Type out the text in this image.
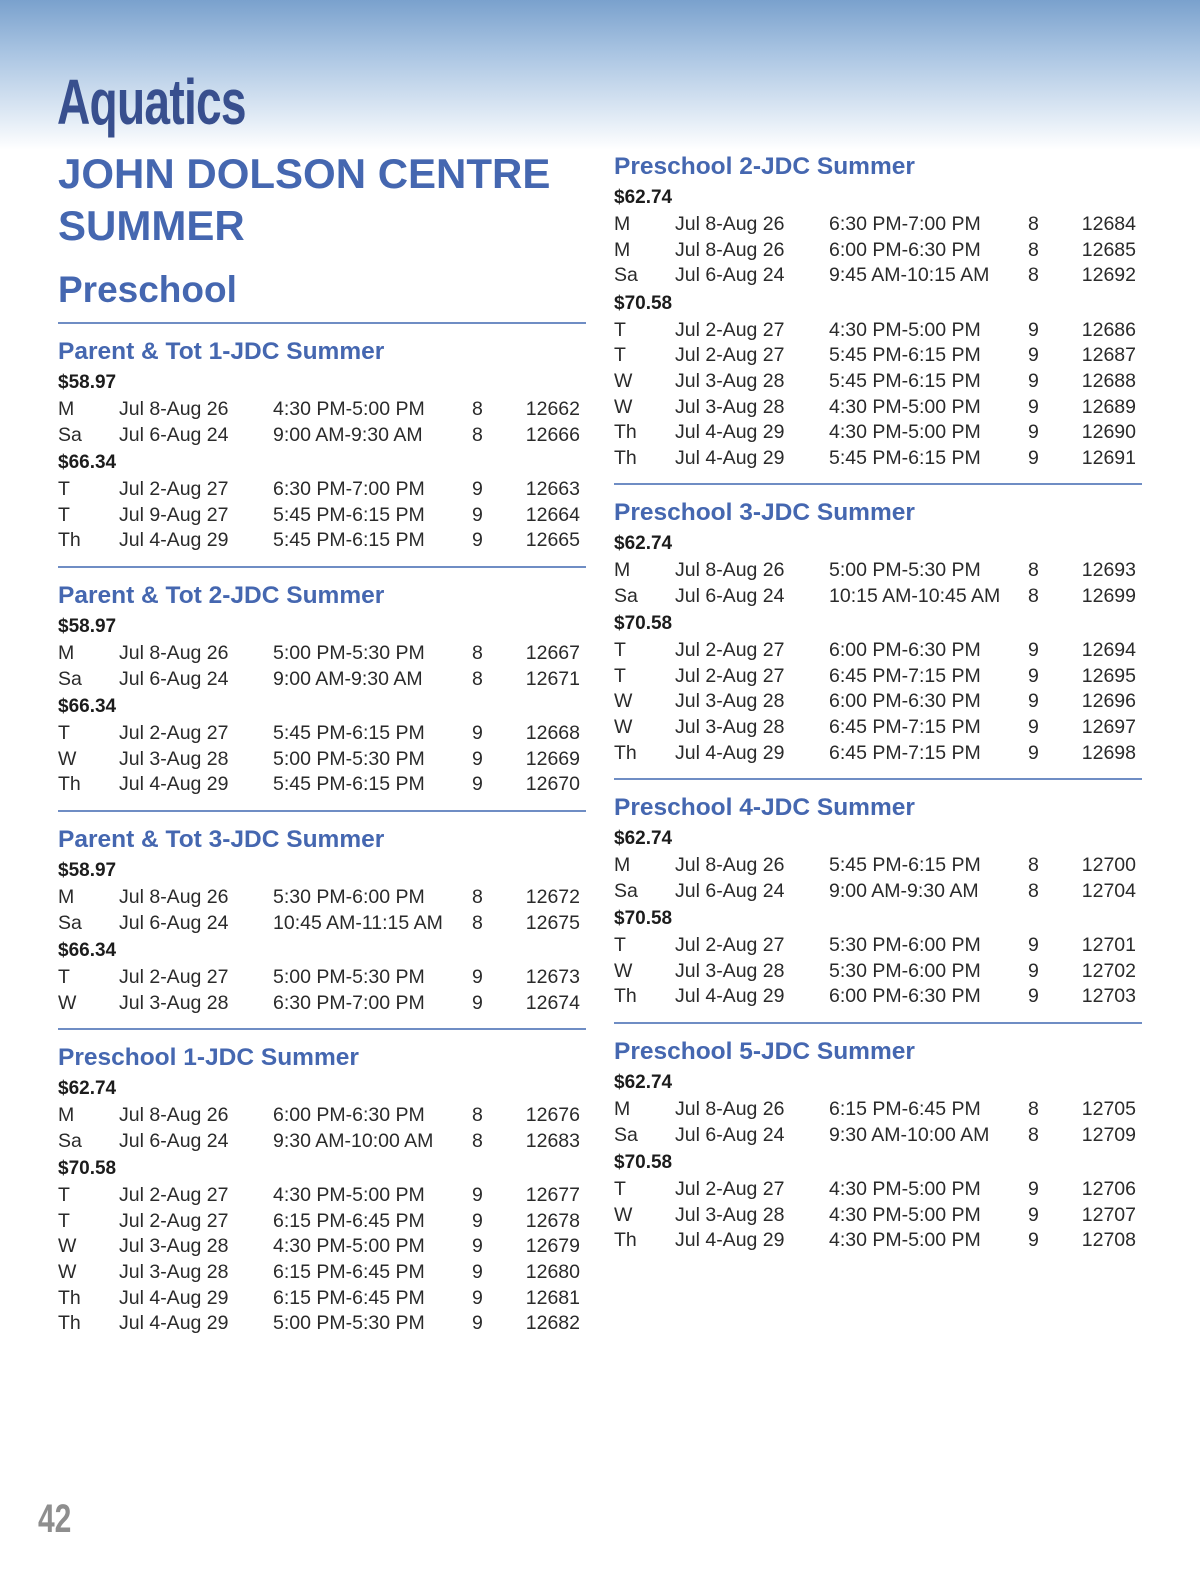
Aquatics
JOHN DOLSON CENTRE SUMMER
Preschool
Parent & Tot 1-JDC Summer
$58.97
M Jul 8-Aug 26 4:30 PM-5:00 PM 8 12662
Sa Jul 6-Aug 24 9:00 AM-9:30 AM	8 12666
$66.34
T	Jul 2-Aug 27 6:30 PM-7:00 PM 9 12663
T	Jul 9-Aug 27 5:45 PM-6:15 PM 9 12664
Th Jul 4-Aug 29 5:45 PM-6:15 PM 9 12665
Parent & Tot 2-JDC Summer
$58.97
M Jul 8-Aug 26 5:00 PM-5:30 PM 8 12667
Sa Jul 6-Aug 24 9:00 AM-9:30 AM	8 12671
$66.34
T	Jul 2-Aug 27 5:45 PM-6:15 PM 9 12668
W Jul 3-Aug 28 5:00 PM-5:30 PM 9 12669
Th Jul 4-Aug 29 5:45 PM-6:15 PM 9 12670
Parent & Tot 3-JDC Summer
$58.97
M Jul 8-Aug 26 5:30 PM-6:00 PM 8 12672
Sa Jul 6-Aug 24 10:45 AM-11:15 AM 8 12675
$66.34
T	Jul 2-Aug 27 5:00 PM-5:30 PM 9 12673
W Jul 3-Aug 28 6:30 PM-7:00 PM 9 12674
Preschool 1-JDC Summer
$62.74
M Jul 8-Aug 26 6:00 PM-6:30 PM 8 12676
Sa Jul 6-Aug 24 9:30 AM-10:00 AM 8 12683
$70.58
T	Jul 2-Aug 27 4:30 PM-5:00 PM 9 12677
T	Jul 2-Aug 27 6:15 PM-6:45 PM 9 12678
W Jul 3-Aug 28 4:30 PM-5:00 PM 9 12679
W Jul 3-Aug 28 6:15 PM-6:45 PM 9 12680
Th Jul 4-Aug 29 6:15 PM-6:45 PM 9 12681
Th Jul 4-Aug 29 5:00 PM-5:30 PM 9 12682
Preschool 2-JDC Summer
$62.74
M Jul 8-Aug 26 6:30 PM-7:00 PM 8 12684
M Jul 8-Aug 26 6:00 PM-6:30 PM 8 12685
Sa Jul 6-Aug 24 9:45 AM-10:15 AM 8 12692
$70.58
T	Jul 2-Aug 27 4:30 PM-5:00 PM 9 12686
T	Jul 2-Aug 27 5:45 PM-6:15 PM 9 12687
W Jul 3-Aug 28 5:45 PM-6:15 PM 9 12688
W Jul 3-Aug 28 4:30 PM-5:00 PM 9 12689
Th Jul 4-Aug 29 4:30 PM-5:00 PM 9 12690
Th Jul 4-Aug 29 5:45 PM-6:15 PM 9 12691
Preschool 3-JDC Summer
$62.74
M Jul 8-Aug 26 5:00 PM-5:30 PM 8 12693
Sa Jul 6-Aug 24 10:15 AM-10:45 AM 8 12699
$70.58
T	Jul 2-Aug 27 6:00 PM-6:30 PM 9 12694
T	Jul 2-Aug 27 6:45 PM-7:15 PM 9 12695
W Jul 3-Aug 28 6:00 PM-6:30 PM 9 12696
W Jul 3-Aug 28 6:45 PM-7:15 PM 9 12697
Th Jul 4-Aug 29 6:45 PM-7:15 PM 9 12698
Preschool 4-JDC Summer
$62.74
M Jul 8-Aug 26 5:45 PM-6:15 PM 8 12700
Sa Jul 6-Aug 24 9:00 AM-9:30 AM	8 12704
$70.58
T	Jul 2-Aug 27 5:30 PM-6:00 PM 9 12701
W Jul 3-Aug 28 5:30 PM-6:00 PM 9 12702
Th Jul 4-Aug 29 6:00 PM-6:30 PM 9 12703
Preschool 5-JDC Summer
$62.74
M Jul 8-Aug 26 6:15 PM-6:45 PM 8 12705
Sa Jul 6-Aug 24 9:30 AM-10:00 AM 8 12709
$70.58
T	Jul 2-Aug 27 4:30 PM-5:00 PM 9 12706
W Jul 3-Aug 28 4:30 PM-5:00 PM 9 12707
Th Jul 4-Aug 29 4:30 PM-5:00 PM 9 12708
42
